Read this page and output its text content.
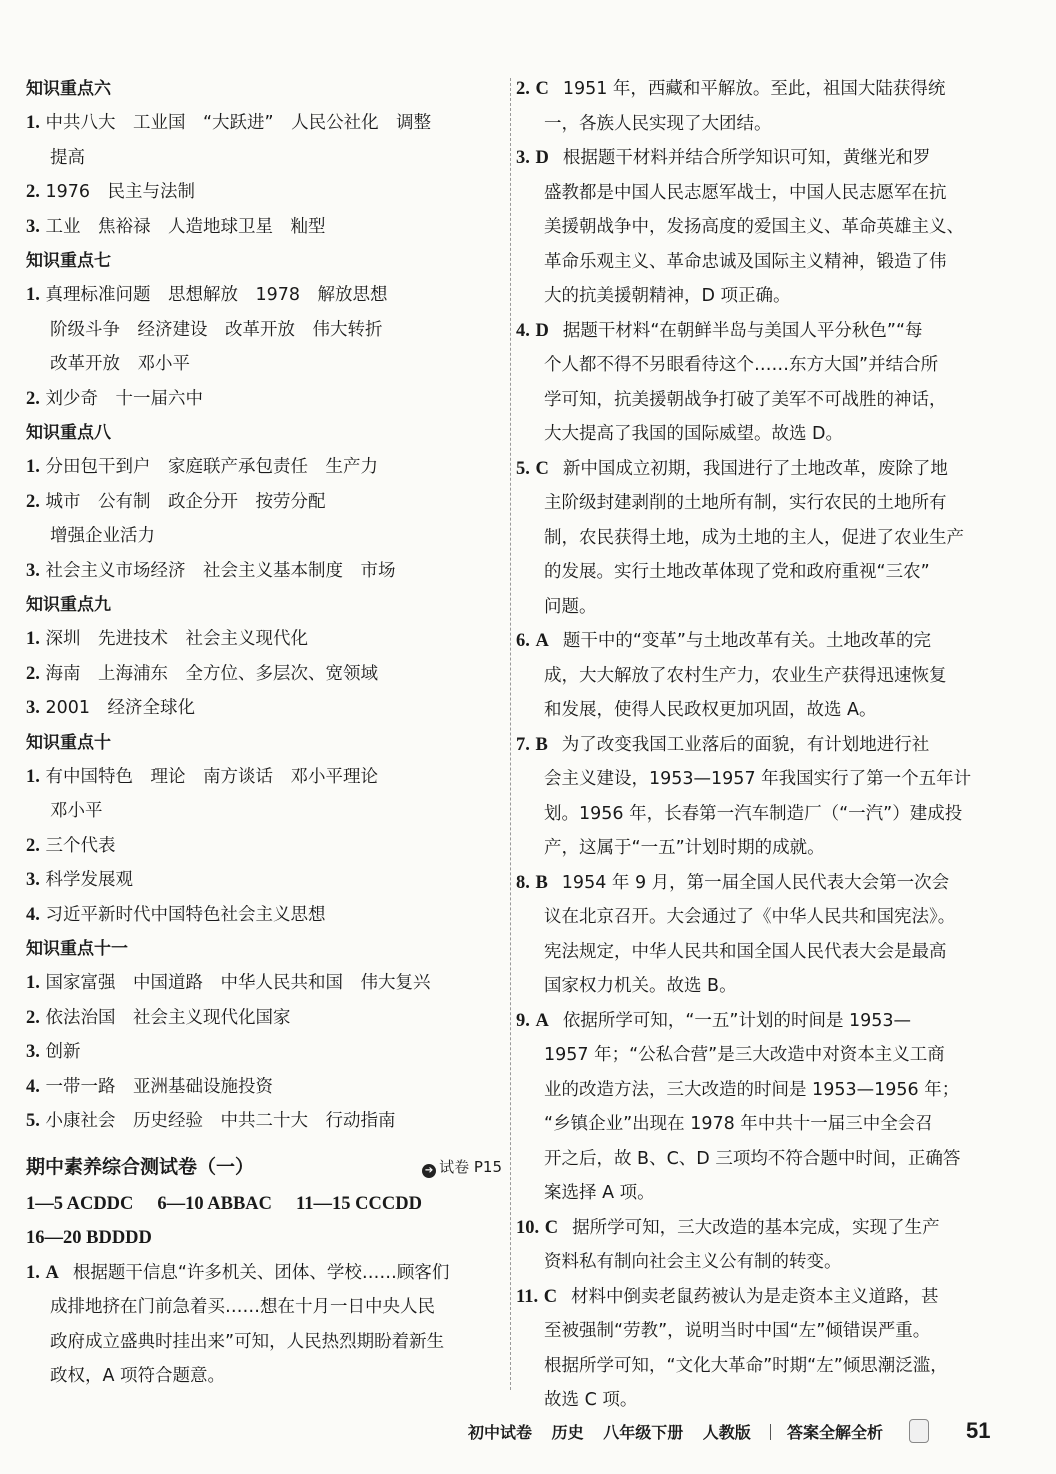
知识重点六
1. 中共八大　工业国　“大跃进”　人民公社化　调整
提高
2. 1976　民主与法制
3. 工业　焦裕禄　人造地球卫星　籼型
知识重点七
1. 真理标准问题　思想解放　1978　解放思想
阶级斗争　经济建设　改革开放　伟大转折
改革开放　邓小平
2. 刘少奇　十一届六中
知识重点八
1. 分田包干到户　家庭联产承包责任　生产力
2. 城市　公有制　政企分开　按劳分配
增强企业活力
3. 社会主义市场经济　社会主义基本制度　市场
知识重点九
1. 深圳　先进技术　社会主义现代化
2. 海南　上海浦东　全方位、多层次、宽领域
3. 2001　经济全球化
知识重点十
1. 有中国特色　理论　南方谈话　邓小平理论
邓小平
2. 三个代表
3. 科学发展观
4. 习近平新时代中国特色社会主义思想
知识重点十一
1. 国家富强　中国道路　中华人民共和国　伟大复兴
2. 依法治国　社会主义现代化国家
3. 创新
4. 一带一路　亚洲基础设施投资
5. 小康社会　历史经验　中共二十大　行动指南
期中素养综合测试卷（一）	➔ 试卷 P15
1—5 ACDDC 6—10 ABBAC 11—15 CCCDD
16—20 BDDDD
1. A 根据题干信息“许多机关、团体、学校……顾客们
成排地挤在门前急着买……想在十月一日中央人民
政府成立盛典时挂出来”可知，人民热烈期盼着新生
政权，A 项符合题意。
2. C 1951 年，西藏和平解放。至此，祖国大陆获得统
一，各族人民实现了大团结。
3. D 根据题干材料并结合所学知识可知，黄继光和罗
盛教都是中国人民志愿军战士，中国人民志愿军在抗
美援朝战争中，发扬高度的爱国主义、革命英雄主义、
革命乐观主义、革命忠诚及国际主义精神，锻造了伟
大的抗美援朝精神，D 项正确。
4. D 据题干材料“在朝鲜半岛与美国人平分秋色”“每
个人都不得不另眼看待这个……东方大国”并结合所
学可知，抗美援朝战争打破了美军不可战胜的神话，
大大提高了我国的国际威望。故选 D。
5. C 新中国成立初期，我国进行了土地改革，废除了地
主阶级封建剥削的土地所有制，实行农民的土地所有
制，农民获得土地，成为土地的主人，促进了农业生产
的发展。实行土地改革体现了党和政府重视“三农”
问题。
6. A 题干中的“变革”与土地改革有关。土地改革的完
成，大大解放了农村生产力，农业生产获得迅速恢复
和发展，使得人民政权更加巩固，故选 A。
7. B 为了改变我国工业落后的面貌，有计划地进行社
会主义建设，1953—1957 年我国实行了第一个五年计
划。1956 年，长春第一汽车制造厂（“一汽”）建成投
产，这属于“一五”计划时期的成就。
8. B 1954 年 9 月，第一届全国人民代表大会第一次会
议在北京召开。大会通过了《中华人民共和国宪法》。
宪法规定，中华人民共和国全国人民代表大会是最高
国家权力机关。故选 B。
9. A 依据所学可知，“一五”计划的时间是 1953—
1957 年；“公私合营”是三大改造中对资本主义工商
业的改造方法，三大改造的时间是 1953—1956 年；
“乡镇企业”出现在 1978 年中共十一届三中全会召
开之后，故 B、C、D 三项均不符合题中时间，正确答
案选择 A 项。
10. C 据所学可知，三大改造的基本完成，实现了生产
资料私有制向社会主义公有制的转变。
11. C 材料中倒卖老鼠药被认为是走资本主义道路，甚
至被强制“劳教”，说明当时中国“左”倾错误严重。
根据所学可知，“文化大革命”时期“左”倾思潮泛滥，
故选 C 项。
初中试卷 历史 八年级下册 人教版 答案全解全析	51
